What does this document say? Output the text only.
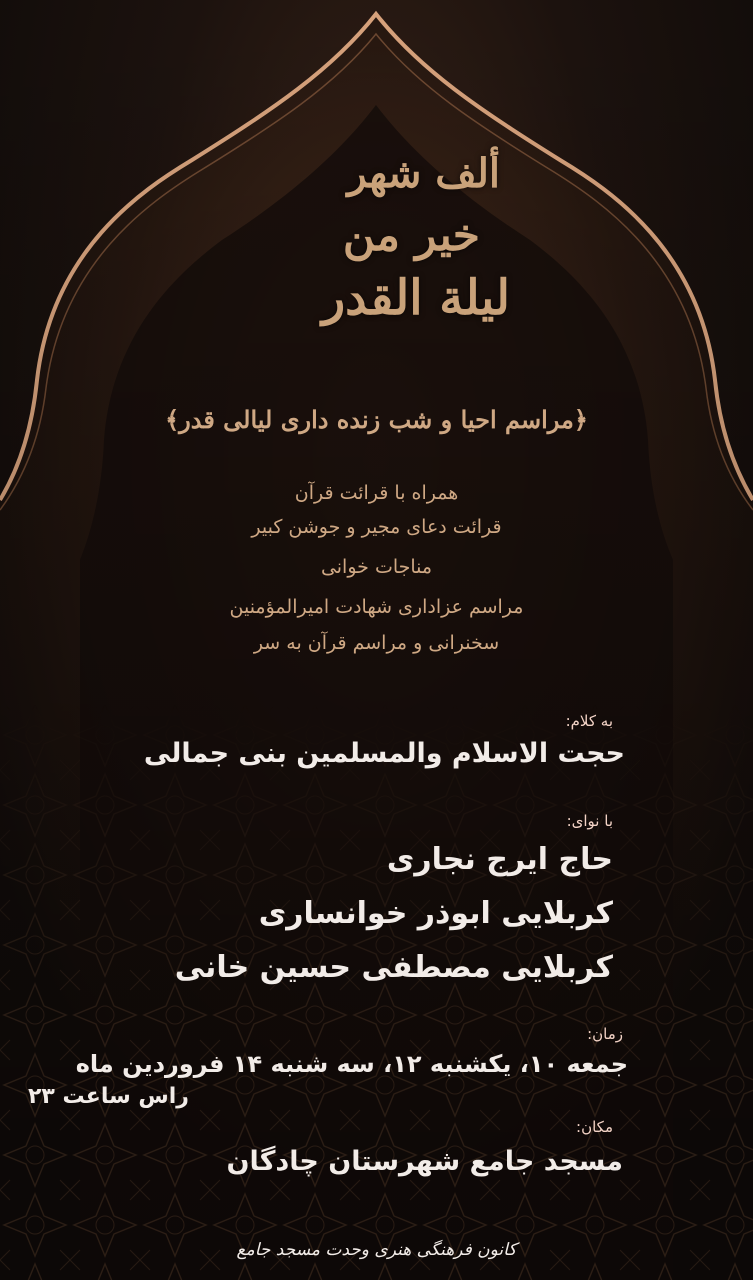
ألف شهر
خیر من
لیلة القدر
﴿مراسم احیا و شب زنده داری لیالی قدر﴾
همراه با قرائت قرآن
قرائت دعای مجیر و جوشن کبیر
مناجات خوانی
مراسم عزاداری شهادت امیرالمؤمنین
سخنرانی و مراسم قرآن به سر
به کلام:
حجت الاسلام والمسلمین بنی جمالی
با نوای:
حاج ایرج نجاری
کربلایی ابوذر خوانساری
کربلایی مصطفی حسین خانی
زمان:
جمعه ۱۰، یکشنبه ۱۲، سه شنبه ۱۴ فروردین ماه
راس ساعت ۲۳
مکان:
مسجد جامع شهرستان چادگان
کانون فرهنگی هنری وحدت مسجد جامع
